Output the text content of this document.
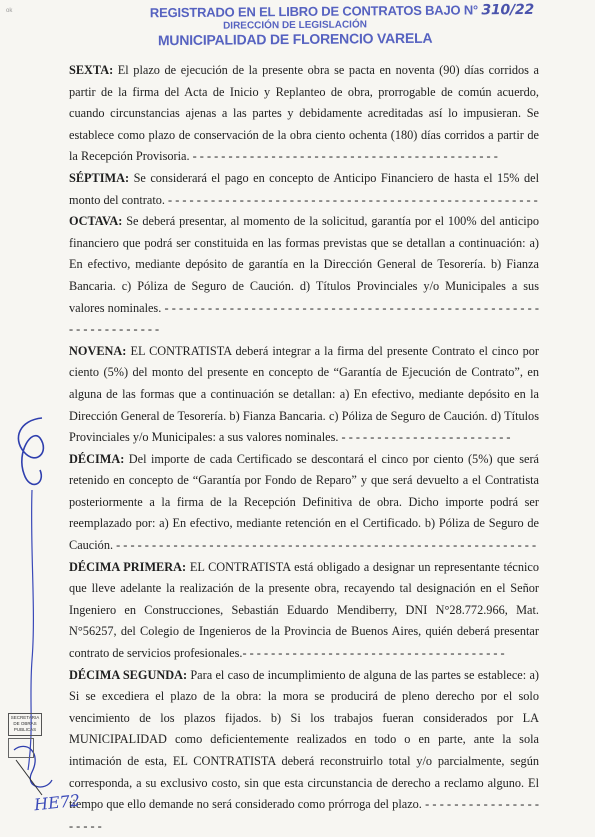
ok	REGISTRADO EN EL LIBRO DE CONTRATOS BAJO N° 310/22
DIRECCIÓN DE LEGISLACIÓN
MUNICIPALIDAD DE FLORENCIO VARELA

SEXTA: El plazo de ejecución de la presente obra se pacta en noventa (90) días corridos a partir de la firma del Acta de Inicio y Replanteo de obra, prorrogable de común acuerdo, cuando circunstancias ajenas a las partes y debidamente acreditadas así lo impusieran. Se establece como plazo de conservación de la obra ciento ochenta (180) días corridos a partir de la Recepción Provisoria. - - - - - - - - - - - - - - - - - - - - - - - - - - - - - - - - - - - - - - - - - - -

SÉPTIMA: Se considerará el pago en concepto de Anticipo Financiero de hasta el 15% del monto del contrato. - - - - - - - - - - - - - - - - - - - - - - - - - - - - - - - - - - - - - - - - - - - - - - - - - - - -

OCTAVA: Se deberá presentar, al momento de la solicitud, garantía por el 100% del anticipo financiero que podrá ser constituida en las formas previstas que se detallan a continuación: a) En efectivo, mediante depósito de garantía en la Dirección General de Tesorería. b) Fianza Bancaria. c) Póliza de Seguro de Caución. d) Títulos Provinciales y/o Municipales a sus valores nominales. - - - - - - - - - - - - - - - - - - - - - - - - - - - - - - - - - - - - - - - - - - - - - - - - - - - - - - - - - - - - - - - - -

NOVENA: EL CONTRATISTA deberá integrar a la firma del presente Contrato el cinco por ciento (5%) del monto del presente en concepto de “Garantía de Ejecución de Contrato”, en alguna de las formas que a continuación se detallan: a) En efectivo, mediante depósito en la Dirección General de Tesorería. b) Fianza Bancaria. c) Póliza de Seguro de Caución. d) Títulos Provinciales y/o Municipales: a sus valores nominales. - - - - - - - - - - - - - - - - - - - - - - - -

DÉCIMA: Del importe de cada Certificado se descontará el cinco por ciento (5%) que será retenido en concepto de “Garantía por Fondo de Reparo” y que será devuelto a el Contratista posteriormente a la firma de la Recepción Definitiva de obra. Dicho importe podrá ser reemplazado por: a) En efectivo, mediante retención en el Certificado. b) Póliza de Seguro de Caución. - - - - - - - - - - - - - - - - - - - - - - - - - - - - - - - - - - - - - - - - - - - - - - - - - - - - - - - - - - -

DÉCIMA PRIMERA: EL CONTRATISTA está obligado a designar un representante técnico que lleve adelante la realización de la presente obra, recayendo tal designación en el Señor Ingeniero en Construcciones, Sebastián Eduardo Mendiberry, DNI N°28.772.966, Mat. N°56257, del Colegio de Ingenieros de la Provincia de Buenos Aires, quién deberá presentar contrato de servicios profesionales.- - - - - - - - - - - - - - - - - - - - - - - - - - - - - - - - - - - - -

DÉCIMA SEGUNDA: Para el caso de incumplimiento de alguna de las partes se establece: a) Si se excediera el plazo de la obra: la mora se producirá de pleno derecho por el solo vencimiento de los plazos fijados. b) Si los trabajos fueran considerados por LA MUNICIPALIDAD como deficientemente realizados en todo o en parte, ante la sola intimación de esta, EL CONTRATISTA deberá reconstruirlo total y/o parcialmente, según corresponda, a su exclusivo costo, sin que esta circunstancia de derecho a reclamo alguno. El tiempo que ello demande no será considerado como prórroga del plazo. - - - - - - - - - - - - - - - - - - - - -

SECRETARIA DE OBRAS PUBLICAS
HE72
